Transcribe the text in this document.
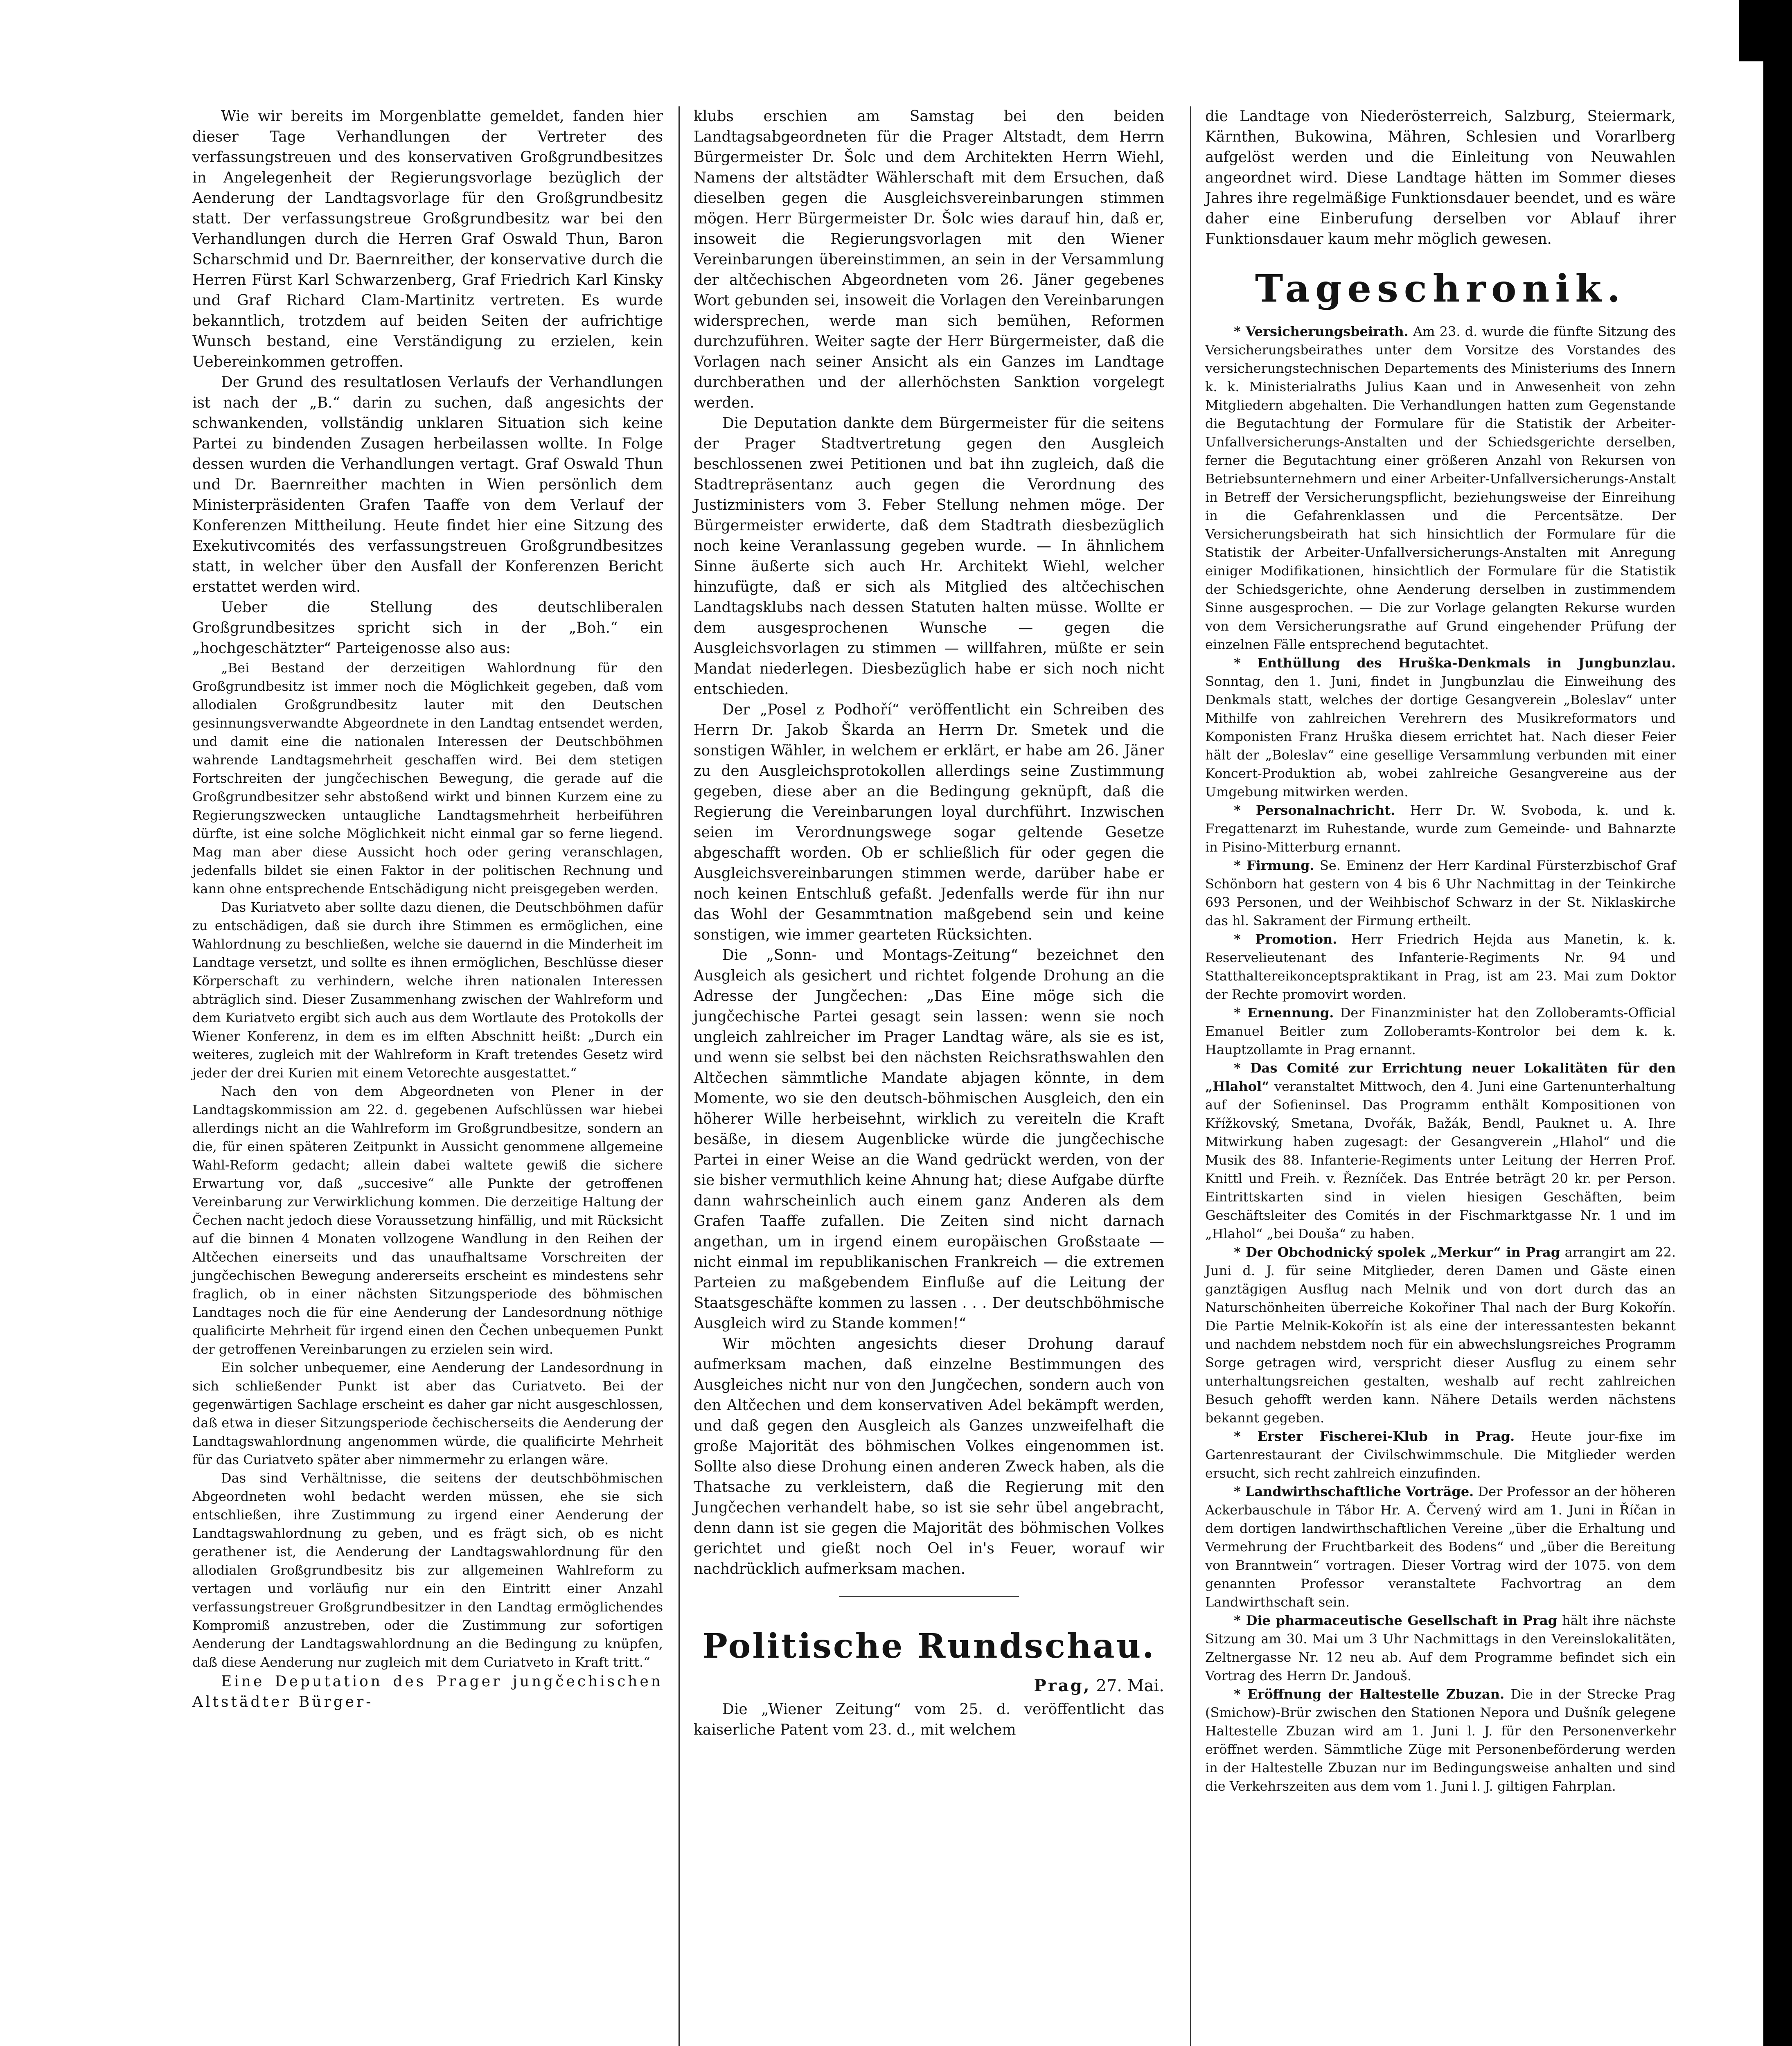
Wie wir bereits im Morgenblatte gemeldet, fanden hier dieser Tage Verhandlungen der Vertreter des verfassungstreuen und des konservativen Großgrundbesitzes in Angelegenheit der Regierungsvorlage bezüglich der Aenderung der Landtagsvorlage für den Großgrundbesitz statt. Der verfassungstreue Großgrundbesitz war bei den Verhandlungen durch die Herren Graf Oswald Thun, Baron Scharschmid und Dr. Baernreither, der konservative durch die Herren Fürst Karl Schwarzenberg, Graf Friedrich Karl Kinsky und Graf Richard Clam-Martinitz vertreten. Es wurde bekanntlich, trotzdem auf beiden Seiten der aufrichtige Wunsch bestand, eine Verständigung zu erzielen, kein Uebereinkommen getroffen.

Der Grund des resultatlosen Verlaufs der Verhandlungen ist nach der „B.“ darin zu suchen, daß angesichts der schwankenden, vollständig unklaren Situation sich keine Partei zu bindenden Zusagen herbeilassen wollte. In Folge dessen wurden die Verhandlungen vertagt. Graf Oswald Thun und Dr. Baernreither machten in Wien persönlich dem Ministerpräsidenten Grafen Taaffe von dem Verlauf der Konferenzen Mittheilung. Heute findet hier eine Sitzung des Exekutivcomités des verfassungstreuen Großgrundbesitzes statt, in welcher über den Ausfall der Konferenzen Bericht erstattet werden wird.

Ueber die Stellung des deutschliberalen Großgrundbesitzes spricht sich in der „Boh.“ ein „hochgeschätzter“ Parteigenosse also aus:

„Bei Bestand der derzeitigen Wahlordnung für den Großgrundbesitz ist immer noch die Möglichkeit gegeben, daß vom allodialen Großgrundbesitz lauter mit den Deutschen gesinnungsverwandte Abgeordnete in den Landtag entsendet werden, und damit eine die nationalen Interessen der Deutschböhmen wahrende Landtagsmehrheit geschaffen wird. Bei dem stetigen Fortschreiten der jungčechischen Bewegung, die gerade auf die Großgrundbesitzer sehr abstoßend wirkt und binnen Kurzem eine zu Regierungszwecken untaugliche Landtagsmehrheit herbeiführen dürfte, ist eine solche Möglichkeit nicht einmal gar so ferne liegend. Mag man aber diese Aussicht hoch oder gering veranschlagen, jedenfalls bildet sie einen Faktor in der politischen Rechnung und kann ohne entsprechende Entschädigung nicht preisgegeben werden.

Das Kuriatveto aber sollte dazu dienen, die Deutschböhmen dafür zu entschädigen, daß sie durch ihre Stimmen es ermöglichen, eine Wahlordnung zu beschließen, welche sie dauernd in die Minderheit im Landtage versetzt, und sollte es ihnen ermöglichen, Beschlüsse dieser Körperschaft zu verhindern, welche ihren nationalen Interessen abträglich sind. Dieser Zusammenhang zwischen der Wahlreform und dem Kuriatveto ergibt sich auch aus dem Wortlaute des Protokolls der Wiener Konferenz, in dem es im elften Abschnitt heißt: „Durch ein weiteres, zugleich mit der Wahlreform in Kraft tretendes Gesetz wird jeder der drei Kurien mit einem Vetorechte ausgestattet.“

Nach den von dem Abgeordneten von Plener in der Landtagskommission am 22. d. gegebenen Aufschlüssen war hiebei allerdings nicht an die Wahlreform im Großgrundbesitze, sondern an die, für einen späteren Zeitpunkt in Aussicht genommene allgemeine Wahl-Reform gedacht; allein dabei waltete gewiß die sichere Erwartung vor, daß „succesive“ alle Punkte der getroffenen Vereinbarung zur Verwirklichung kommen. Die derzeitige Haltung der Čechen nacht jedoch diese Voraussetzung hinfällig, und mit Rücksicht auf die binnen 4 Monaten vollzogene Wandlung in den Reihen der Altčechen einerseits und das unaufhaltsame Vorschreiten der jungčechischen Bewegung andererseits erscheint es mindestens sehr fraglich, ob in einer nächsten Sitzungsperiode des böhmischen Landtages noch die für eine Aenderung der Landesordnung nöthige qualificirte Mehrheit für irgend einen den Čechen unbequemen Punkt der getroffenen Vereinbarungen zu erzielen sein wird.

Ein solcher unbequemer, eine Aenderung der Landesordnung in sich schließender Punkt ist aber das Curiatveto. Bei der gegenwärtigen Sachlage erscheint es daher gar nicht ausgeschlossen, daß etwa in dieser Sitzungsperiode čechischerseits die Aenderung der Landtagswahlordnung angenommen würde, die qualificirte Mehrheit für das Curiatveto später aber nimmermehr zu erlangen wäre.

Das sind Verhältnisse, die seitens der deutschböhmischen Abgeordneten wohl bedacht werden müssen, ehe sie sich entschließen, ihre Zustimmung zu irgend einer Aenderung der Landtagswahlordnung zu geben, und es frägt sich, ob es nicht gerathener ist, die Aenderung der Landtagswahlordnung für den allodialen Großgrundbesitz bis zur allgemeinen Wahlreform zu vertagen und vorläufig nur ein den Eintritt einer Anzahl verfassungstreuer Großgrundbesitzer in den Landtag ermöglichendes Kompromiß anzustreben, oder die Zustimmung zur sofortigen Aenderung der Landtagswahlordnung an die Bedingung zu knüpfen, daß diese Aenderung nur zugleich mit dem Curiatveto in Kraft tritt.“

Eine Deputation des Prager jungčechischen Altstädter Bürger-

klubs erschien am Samstag bei den beiden Landtagsabgeordneten für die Prager Altstadt, dem Herrn Bürgermeister Dr. Šolc und dem Architekten Herrn Wiehl, Namens der altstädter Wählerschaft mit dem Ersuchen, daß dieselben gegen die Ausgleichsvereinbarungen stimmen mögen. Herr Bürgermeister Dr. Šolc wies darauf hin, daß er, insoweit die Regierungsvorlagen mit den Wiener Vereinbarungen übereinstimmen, an sein in der Versammlung der altčechischen Abgeordneten vom 26. Jäner gegebenes Wort gebunden sei, insoweit die Vorlagen den Vereinbarungen widersprechen, werde man sich bemühen, Reformen durchzuführen. Weiter sagte der Herr Bürgermeister, daß die Vorlagen nach seiner Ansicht als ein Ganzes im Landtage durchberathen und der allerhöchsten Sanktion vorgelegt werden.

Die Deputation dankte dem Bürgermeister für die seitens der Prager Stadtvertretung gegen den Ausgleich beschlossenen zwei Petitionen und bat ihn zugleich, daß die Stadtrepräsentanz auch gegen die Verordnung des Justizministers vom 3. Feber Stellung nehmen möge. Der Bürgermeister erwiderte, daß dem Stadtrath diesbezüglich noch keine Veranlassung gegeben wurde. — In ähnlichem Sinne äußerte sich auch Hr. Architekt Wiehl, welcher hinzufügte, daß er sich als Mitglied des altčechischen Landtagsklubs nach dessen Statuten halten müsse. Wollte er dem ausgesprochenen Wunsche — gegen die Ausgleichsvorlagen zu stimmen — willfahren, müßte er sein Mandat niederlegen. Diesbezüglich habe er sich noch nicht entschieden.

Der „Posel z Podhoří“ veröffentlicht ein Schreiben des Herrn Dr. Jakob Škarda an Herrn Dr. Smetek und die sonstigen Wähler, in welchem er erklärt, er habe am 26. Jäner zu den Ausgleichsprotokollen allerdings seine Zustimmung gegeben, diese aber an die Bedingung geknüpft, daß die Regierung die Vereinbarungen loyal durchführt. Inzwischen seien im Verordnungswege sogar geltende Gesetze abgeschafft worden. Ob er schließlich für oder gegen die Ausgleichsvereinbarungen stimmen werde, darüber habe er noch keinen Entschluß gefaßt. Jedenfalls werde für ihn nur das Wohl der Gesammtnation maßgebend sein und keine sonstigen, wie immer gearteten Rücksichten.

Die „Sonn- und Montags-Zeitung“ bezeichnet den Ausgleich als gesichert und richtet folgende Drohung an die Adresse der Jungčechen: „Das Eine möge sich die jungčechische Partei gesagt sein lassen: wenn sie noch ungleich zahlreicher im Prager Landtag wäre, als sie es ist, und wenn sie selbst bei den nächsten Reichsrathswahlen den Altčechen sämmtliche Mandate abjagen könnte, in dem Momente, wo sie den deutsch-böhmischen Ausgleich, den ein höherer Wille herbeisehnt, wirklich zu vereiteln die Kraft besäße, in diesem Augenblicke würde die jungčechische Partei in einer Weise an die Wand gedrückt werden, von der sie bisher vermuthlich keine Ahnung hat; diese Aufgabe dürfte dann wahrscheinlich auch einem ganz Anderen als dem Grafen Taaffe zufallen. Die Zeiten sind nicht darnach angethan, um in irgend einem europäischen Großstaate — nicht einmal im republikanischen Frankreich — die extremen Parteien zu maßgebendem Einfluße auf die Leitung der Staatsgeschäfte kommen zu lassen . . . Der deutschböhmische Ausgleich wird zu Stande kommen!“

Wir möchten angesichts dieser Drohung darauf aufmerksam machen, daß einzelne Bestimmungen des Ausgleiches nicht nur von den Jungčechen, sondern auch von den Altčechen und dem konservativen Adel bekämpft werden, und daß gegen den Ausgleich als Ganzes unzweifelhaft die große Majorität des böhmischen Volkes eingenommen ist. Sollte also diese Drohung einen anderen Zweck haben, als die Thatsache zu verkleistern, daß die Regierung mit den Jungčechen verhandelt habe, so ist sie sehr übel angebracht, denn dann ist sie gegen die Majorität des böhmischen Volkes gerichtet und gießt noch Oel in's Feuer, worauf wir nachdrücklich aufmerksam machen.

Politische Rundschau.
Prag, 27. Mai.

Die „Wiener Zeitung“ vom 25. d. veröffentlicht das kaiserliche Patent vom 23. d., mit welchem

die Landtage von Niederösterreich, Salzburg, Steiermark, Kärnthen, Bukowina, Mähren, Schlesien und Vorarlberg aufgelöst werden und die Einleitung von Neuwahlen angeordnet wird. Diese Landtage hätten im Sommer dieses Jahres ihre regelmäßige Funktionsdauer beendet, und es wäre daher eine Einberufung derselben vor Ablauf ihrer Funktionsdauer kaum mehr möglich gewesen.

Tageschronik.

* Versicherungsbeirath. Am 23. d. wurde die fünfte Sitzung des Versicherungsbeirathes unter dem Vorsitze des Vorstandes des versicherungstechnischen Departements des Ministeriums des Innern k. k. Ministerialraths Julius Kaan und in Anwesenheit von zehn Mitgliedern abgehalten. Die Verhandlungen hatten zum Gegenstande die Begutachtung der Formulare für die Statistik der Arbeiter-Unfallversicherungs-Anstalten und der Schiedsgerichte derselben, ferner die Begutachtung einer größeren Anzahl von Rekursen von Betriebsunternehmern und einer Arbeiter-Unfallversicherungs-Anstalt in Betreff der Versicherungspflicht, beziehungsweise der Einreihung in die Gefahrenklassen und die Percentsätze. Der Versicherungsbeirath hat sich hinsichtlich der Formulare für die Statistik der Arbeiter-Unfallversicherungs-Anstalten mit Anregung einiger Modifikationen, hinsichtlich der Formulare für die Statistik der Schiedsgerichte, ohne Aenderung derselben in zustimmendem Sinne ausgesprochen. — Die zur Vorlage gelangten Rekurse wurden von dem Versicherungsrathe auf Grund eingehender Prüfung der einzelnen Fälle entsprechend begutachtet.

* Enthüllung des Hruška-Denkmals in Jungbunzlau. Sonntag, den 1. Juni, findet in Jungbunzlau die Einweihung des Denkmals statt, welches der dortige Gesangverein „Boleslav“ unter Mithilfe von zahlreichen Verehrern des Musikreformators und Komponisten Franz Hruška diesem errichtet hat. Nach dieser Feier hält der „Boleslav“ eine gesellige Versammlung verbunden mit einer Koncert-Produktion ab, wobei zahlreiche Gesangvereine aus der Umgebung mitwirken werden.

* Personalnachricht. Herr Dr. W. Svoboda, k. und k. Fregattenarzt im Ruhestande, wurde zum Gemeinde- und Bahnarzte in Pisino-Mitterburg ernannt.

* Firmung. Se. Eminenz der Herr Kardinal Fürsterzbischof Graf Schönborn hat gestern von 4 bis 6 Uhr Nachmittag in der Teinkirche 693 Personen, und der Weihbischof Schwarz in der St. Niklaskirche das hl. Sakrament der Firmung ertheilt.

* Promotion. Herr Friedrich Hejda aus Manetin, k. k. Reservelieutenant des Infanterie-Regiments Nr. 94 und Statthaltereikonceptspraktikant in Prag, ist am 23. Mai zum Doktor der Rechte promovirt worden.

* Ernennung. Der Finanzminister hat den Zolloberamts-Official Emanuel Beitler zum Zolloberamts-Kontrolor bei dem k. k. Hauptzollamte in Prag ernannt.

* Das Comité zur Errichtung neuer Lokalitäten für den „Hlahol“ veranstaltet Mittwoch, den 4. Juni eine Gartenunterhaltung auf der Sofieninsel. Das Programm enthält Kompositionen von Křížkovský, Smetana, Dvořák, Bažák, Bendl, Pauknet u. A. Ihre Mitwirkung haben zugesagt: der Gesangverein „Hlahol“ und die Musik des 88. Infanterie-Regiments unter Leitung der Herren Prof. Knittl und Freih. v. Řezníček. Das Entrée beträgt 20 kr. per Person. Eintrittskarten sind in vielen hiesigen Geschäften, beim Geschäftsleiter des Comités in der Fischmarktgasse Nr. 1 und im „Hlahol“ „bei Douša“ zu haben.

* Der Obchodnický spolek „Merkur“ in Prag arrangirt am 22. Juni d. J. für seine Mitglieder, deren Damen und Gäste einen ganztägigen Ausflug nach Melnik und von dort durch das an Naturschönheiten überreiche Kokořiner Thal nach der Burg Kokořín. Die Partie Melnik-Kokořín ist als eine der interessantesten bekannt und nachdem nebstdem noch für ein abwechslungsreiches Programm Sorge getragen wird, verspricht dieser Ausflug zu einem sehr unterhaltungsreichen gestalten, weshalb auf recht zahlreichen Besuch gehofft werden kann. Nähere Details werden nächstens bekannt gegeben.

* Erster Fischerei-Klub in Prag. Heute jour-fixe im Gartenrestaurant der Civilschwimmschule. Die Mitglieder werden ersucht, sich recht zahlreich einzufinden.

* Landwirthschaftliche Vorträge. Der Professor an der höheren Ackerbauschule in Tábor Hr. A. Červený wird am 1. Juni in Říčan in dem dortigen landwirthschaftlichen Vereine „über die Erhaltung und Vermehrung der Fruchtbarkeit des Bodens“ und „über die Bereitung von Branntwein“ vortragen. Dieser Vortrag wird der 1075. von dem genannten Professor veranstaltete Fachvortrag an dem Landwirthschaft sein.

* Die pharmaceutische Gesellschaft in Prag hält ihre nächste Sitzung am 30. Mai um 3 Uhr Nachmittags in den Vereinslokalitäten, Zeltnergasse Nr. 12 neu ab. Auf dem Programme befindet sich ein Vortrag des Herrn Dr. Jandouš.

* Eröffnung der Haltestelle Zbuzan. Die in der Strecke Prag (Smichow)-Brür zwischen den Stationen Nepora und Dušník gelegene Haltestelle Zbuzan wird am 1. Juni l. J. für den Personenverkehr eröffnet werden. Sämmtliche Züge mit Personenbeförderung werden in der Haltestelle Zbuzan nur im Bedingungsweise anhalten und sind die Verkehrszeiten aus dem vom 1. Juni l. J. giltigen Fahrplan.
